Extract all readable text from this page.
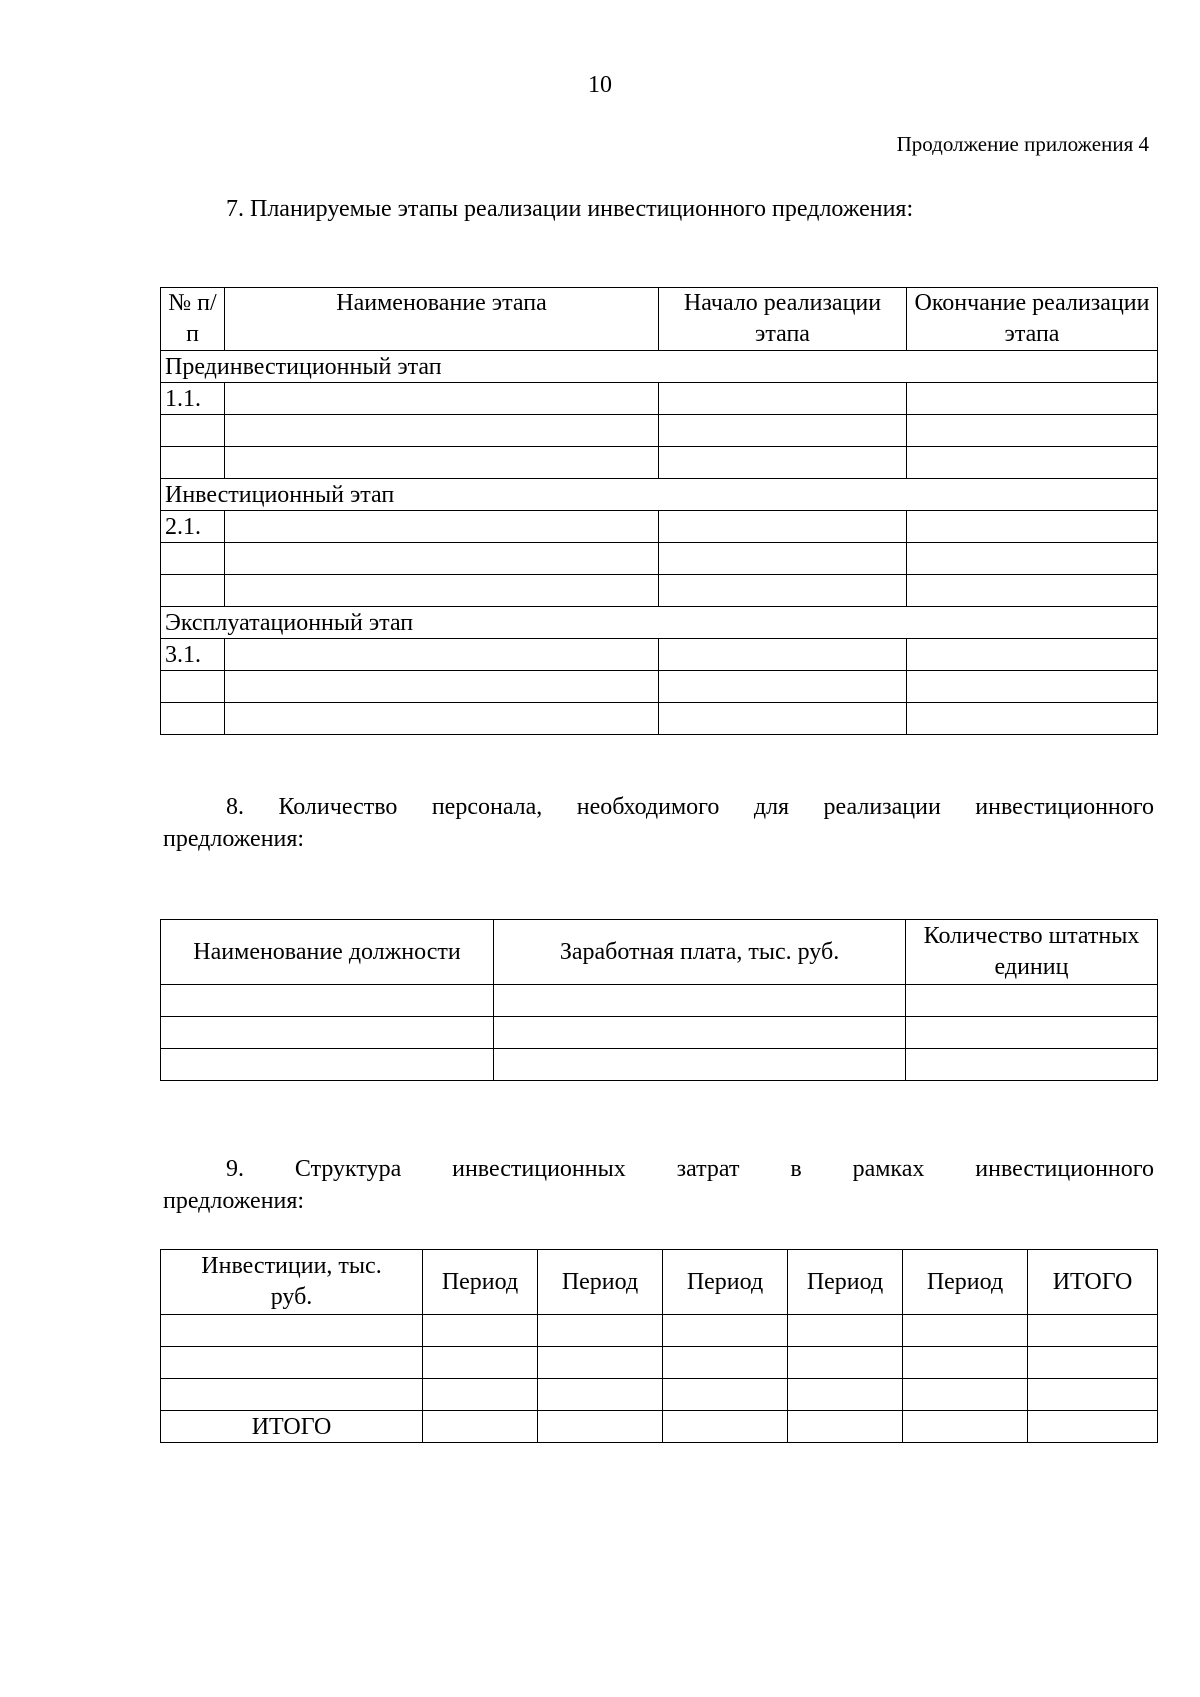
10
Продолжение приложения 4
7. Планируемые этапы реализации инвестиционного предложения:
№ п/п	Наименование этапа	Начало реализации этапа	Окончание реализации этапа
Прединвестиционный этап			
1.1.			

Инвестиционный этап			
2.1.			

Эксплуатационный этап			
3.1.			

8. Количество персонала, необходимого для реализации инвестиционного
предложения:
Наименование должности	Заработная плата, тыс. руб.	Количество штатных единиц

9. Структура инвестиционных затрат в рамках инвестиционного
предложения:
Инвестиции, тыс. руб.	Период	Период	Период	Период	Период	ИТОГО

ИТОГО						
